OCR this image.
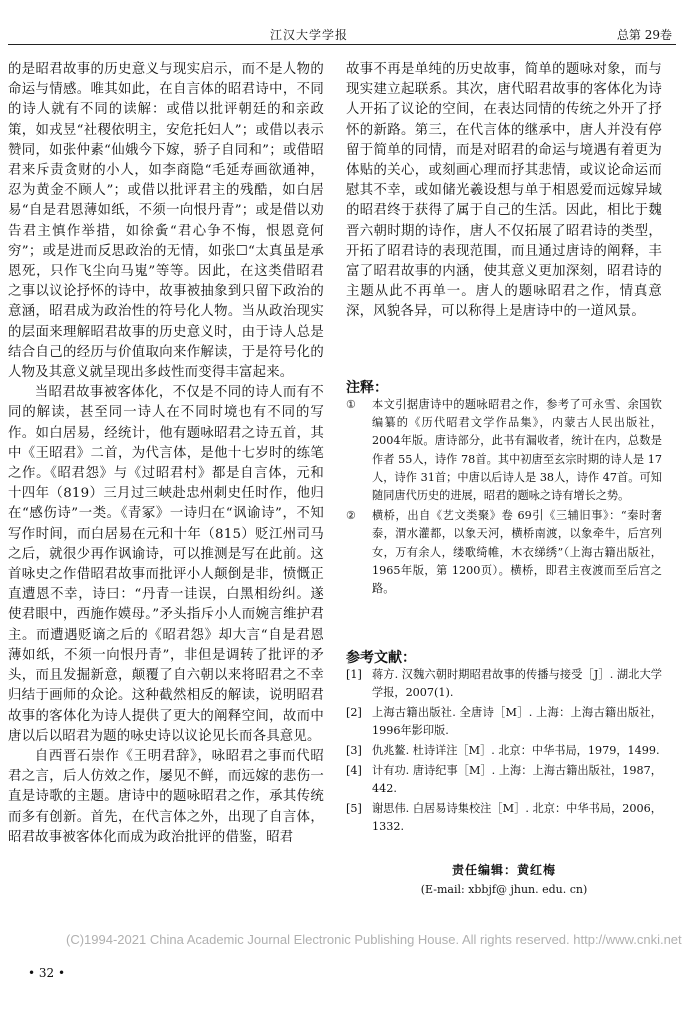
江汉大学学报	总第 29卷

的是昭君故事的历史意义与现实启示，而不是人物的命运与情感。唯其如此，在自言体的昭君诗中，不同的诗人就有不同的读解：或借以批评朝廷的和亲政策，如戎昱“社稷依明主，安危托妇人”；或借以表示赞同，如张仲素“仙娥今下嫁，骄子自同和”；或借昭君来斥责贪财的小人，如李商隐“毛延寿画欲通神，忍为黄金不顾人”；或借以批评君主的残酷，如白居易“自是君恩薄如纸，不须一向恨丹青”；或是借以劝告君主慎作举措，如徐夤“君心争不悔，恨恩竟何穷”；或是进而反思政治的无情，如张☐“太真虽是承恩死，只作飞尘向马嵬”等等。因此，在这类借昭君之事以议论抒怀的诗中，故事被抽象到只留下政治的意涵，昭君成为政治性的符号化人物。当从政治现实的层面来理解昭君故事的历史意义时，由于诗人总是结合自己的经历与价值取向来作解读，于是符号化的人物及其意义就呈现出多歧性而变得丰富起来。

当昭君故事被客体化，不仅是不同的诗人而有不同的解读，甚至同一诗人在不同时境也有不同的写作。如白居易，经统计，他有题咏昭君之诗五首，其中《王昭君》二首，为代言体，是他十七岁时的练笔之作。《昭君怨》与《过昭君村》都是自言体，元和十四年（819）三月过三峡赴忠州刺史任时作，他归在“感伤诗”一类。《青冢》一诗归在“讽谕诗”，不知写作时间，而白居易在元和十年（815）贬江州司马之后，就很少再作讽谕诗，可以推测是写在此前。这首咏史之作借昭君故事而批评小人颠倒是非，愤慨正直遭恩不幸，诗曰：“丹青一诖误，白黑相纷纠。遂使君眼中，西施作嫫母。”矛头指斥小人而婉言维护君主。而遭遇贬谪之后的《昭君怨》却大言“自是君恩薄如纸，不须一向恨丹青”，非但是调转了批评的矛头，而且发掘新意，颠覆了自六朝以来将昭君之不幸归结于画师的众论。这种截然相反的解读，说明昭君故事的客体化为诗人提供了更大的阐释空间，故而中唐以后以昭君为题的咏史诗以议论见长而各具意见。

自西晋石崇作《王明君辞》，咏昭君之事而代昭君之言，后人仿效之作，屡见不鲜，而远嫁的悲伤一直是诗歌的主题。唐诗中的题咏昭君之作，承其传统而多有创新。首先，在代言体之外，出现了自言体，昭君故事被客体化而成为政治批评的借鉴，昭君

故事不再是单纯的历史故事，简单的题咏对象，而与现实建立起联系。其次，唐代昭君故事的客体化为诗人开拓了议论的空间，在表达同情的传统之外开了抒怀的新路。第三，在代言体的继承中，唐人并没有停留于简单的同情，而是对昭君的命运与境遇有着更为体贴的关心，或刻画心理而抒其悲情，或议论命运而慰其不幸，或如储光羲设想与单于相恩爱而远嫁异域的昭君终于获得了属于自己的生活。因此，相比于魏晋六朝时期的诗作，唐人不仅拓展了昭君诗的类型，开拓了昭君诗的表现范围，而且通过唐诗的阐释，丰富了昭君故事的内涵，使其意义更加深刻，昭君诗的主题从此不再单一。唐人的题咏昭君之作，情真意深，风貌各异，可以称得上是唐诗中的一道风景。

注释：
①	本文引据唐诗中的题咏昭君之作，参考了可永雪、余国钦编纂的《历代昭君文学作品集》，内蒙古人民出版社，2004年版。唐诗部分，此书有漏收者，统计在内，总数是作者 55人，诗作 78首。其中初唐至玄宗时期的诗人是 17人，诗作 31首；中唐以后诗人是 38人，诗作 47首。可知随同唐代历史的进展，昭君的题咏之诗有增长之势。
②	横桥，出自《艺文类聚》卷 69引《三辅旧事》：“秦时奢泰，渭水灌都，以象天河，横桥南渡，以象牵牛，后宫列女，万有余人，缕歌绮帷，木衣绨绣”（上海古籍出版社，1965年版，第 1200页）。横桥，即君主夜渡而至后宫之路。
参考文献：
[1] 蒋方. 汉魏六朝时期昭君故事的传播与接受［J］. 湖北大学学报，2007(1).
[2] 上海古籍出版社. 全唐诗［M］. 上海：上海古籍出版社，1996年影印版.
[3] 仇兆鳌. 杜诗详注［M］. 北京：中华书局，1979，1499.
[4] 计有功. 唐诗纪事［M］. 上海：上海古籍出版社，1987，442.
[5] 谢思伟. 白居易诗集校注［M］. 北京：中华书局，2006，1332.
责任编辑：黄红梅
(E-mail: xbbjf@ jhun. edu. cn)
(C)1994-2021 China Academic Journal Electronic Publishing House. All rights reserved. http://www.cnki.net
• 32 •
